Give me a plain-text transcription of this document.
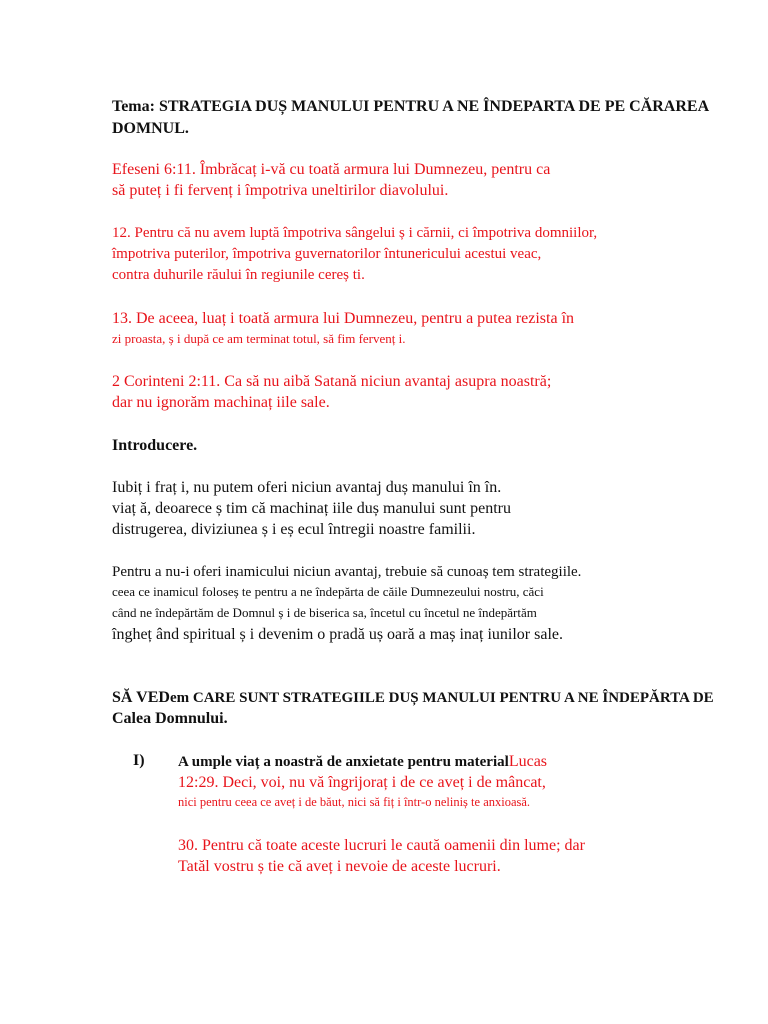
Tema: STRATEGIA DUȘ MANULUI PENTRU A NE ÎNDEPARTA DE PE CĂRAREA
DOMNUL.
Efeseni 6:11. Îmbrăcaț i-vă cu toată armura lui Dumnezeu, pentru ca
să puteț i fi fervenț i împotriva uneltirilor diavolului.
12. Pentru că nu avem luptă împotriva sângelui ș i cărnii, ci împotriva domniilor,
împotriva puterilor, împotriva guvernatorilor întunericului acestui veac,
contra duhurile răului în regiunile cereș ti.
13. De aceea, luaț i toată armura lui Dumnezeu, pentru a putea rezista în
zi proasta, ș i după ce am terminat totul, să fim fervenț i.
2 Corinteni 2:11. Ca să nu aibă Satană niciun avantaj asupra noastră;
dar nu ignorăm machinaț iile sale.
Introducere.
Iubiț i fraț i, nu putem oferi niciun avantaj duș manului în în.
viaț ă, deoarece ș tim că machinaț iile duș manului sunt pentru
distrugerea, diviziunea ș i eș ecul întregii noastre familii.
Pentru a nu-i oferi inamicului niciun avantaj, trebuie să cunoaș tem strategiile.
ceea ce inamicul foloseș te pentru a ne îndepărta de căile Dumnezeului nostru, căci
când ne îndepărtăm de Domnul ș i de biserica sa, încetul cu încetul ne îndepărtăm
îngheț ând spiritual ș i devenim o pradă uș oară a maș inaț iunilor sale.
SĂ VEDem CARE SUNT STRATEGIILE DUȘ MANULUI PENTRU A NE ÎNDEPĂRTA DE
Calea Domnului.
I) A umple viaț a noastră de anxietate pentru materialLucas
12:29. Deci, voi, nu vă îngrijoraț i de ce aveț i de mâncat,
nici pentru ceea ce aveț i de băut, nici să fiț i într-o neliniș te anxioasă.
30. Pentru că toate aceste lucruri le caută oamenii din lume; dar
Tatăl vostru ș tie că aveț i nevoie de aceste lucruri.
